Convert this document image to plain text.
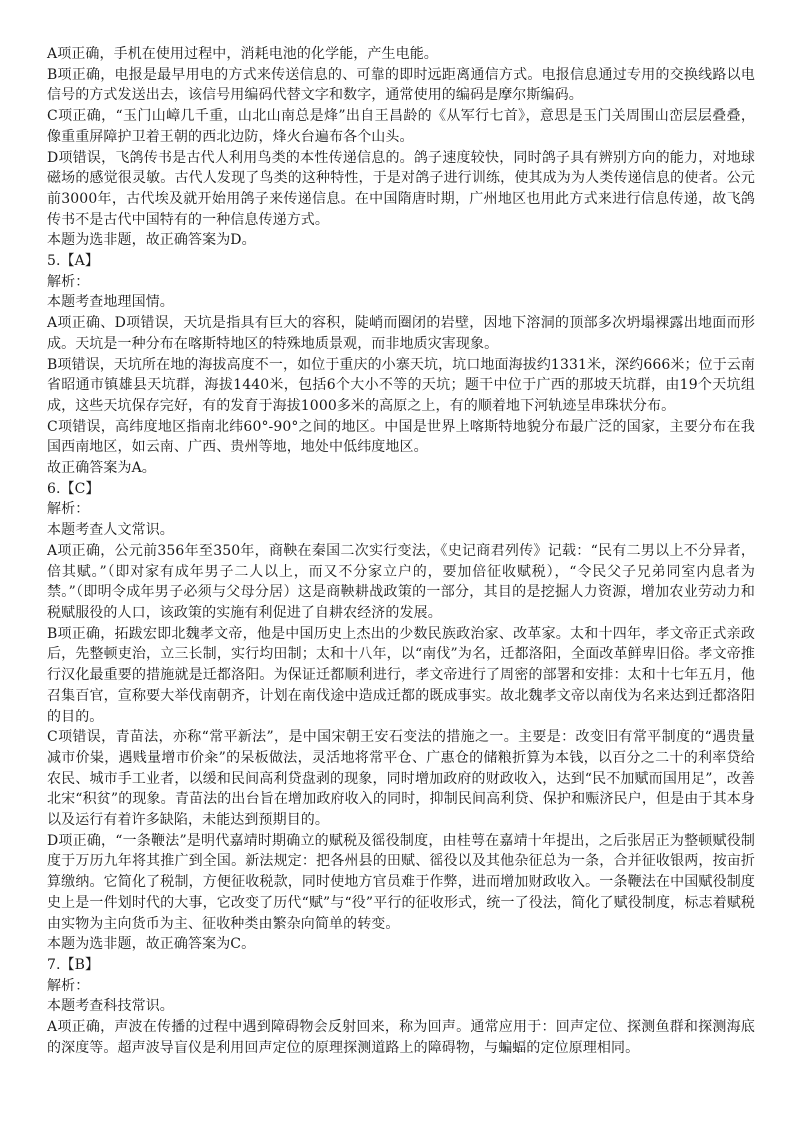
A项正确，手机在使用过程中，消耗电池的化学能，产生电能。

B项正确，电报是最早用电的方式来传送信息的、可靠的即时远距离通信方式。电报信息通过专用的交换线路以电信号的方式发送出去，该信号用编码代替文字和数字，通常使用的编码是摩尔斯编码。

C项正确，“玉门山嶂几千重，山北山南总是烽”出自王昌龄的《从军行七首》，意思是玉门关周围山峦层层叠叠，像重重屏障护卫着王朝的西北边防，烽火台遍布各个山头。

D项错误，飞鸽传书是古代人利用鸟类的本性传递信息的。鸽子速度较快，同时鸽子具有辨别方向的能力，对地球磁场的感觉很灵敏。古代人发现了鸟类的这种特性，于是对鸽子进行训练，使其成为为人类传递信息的使者。公元前3000年，古代埃及就开始用鸽子来传递信息。在中国隋唐时期，广州地区也用此方式来进行信息传递，故飞鸽传书不是古代中国特有的一种信息传递方式。

本题为选非题，故正确答案为D。

5.【A】

解析：

本题考查地理国情。

A项正确、D项错误，天坑是指具有巨大的容积，陡峭而圈闭的岩壁，因地下溶洞的顶部多次坍塌裸露出地面而形成。天坑是一种分布在喀斯特地区的特殊地质景观，而非地质灾害现象。

B项错误，天坑所在地的海拔高度不一，如位于重庆的小寨天坑，坑口地面海拔约1331米，深约666米；位于云南省昭通市镇雄县天坑群，海拔1440米，包括6个大小不等的天坑；题干中位于广西的那坡天坑群，由19个天坑组成，这些天坑保存完好，有的发育于海拔1000多米的高原之上，有的顺着地下河轨迹呈串珠状分布。

C项错误，高纬度地区指南北纬60°-90°之间的地区。中国是世界上喀斯特地貌分布最广泛的国家，主要分布在我国西南地区，如云南、广西、贵州等地，地处中低纬度地区。

故正确答案为A。

6.【C】

解析：

本题考查人文常识。

A项正确，公元前356年至350年，商鞅在秦国二次实行变法，《史记商君列传》记载：“民有二男以上不分异者，倍其赋。”（即对家有成年男子二人以上，而又不分家立户的，要加倍征收赋税），“令民父子兄弟同室内息者为禁。”（即明令成年男子必须与父母分居）这是商鞅耕战政策的一部分，其目的是挖掘人力资源，增加农业劳动力和税赋服役的人口，该政策的实施有利促进了自耕农经济的发展。

B项正确，拓跋宏即北魏孝文帝，他是中国历史上杰出的少数民族政治家、改革家。太和十四年，孝文帝正式亲政后，先整顿吏治，立三长制，实行均田制；太和十八年，以“南伐”为名，迁都洛阳，全面改革鲜卑旧俗。孝文帝推行汉化最重要的措施就是迁都洛阳。为保证迁都顺利进行，孝文帝进行了周密的部署和安排：太和十七年五月，他召集百官，宣称要大举伐南朝齐，计划在南伐途中造成迁都的既成事实。故北魏孝文帝以南伐为名来达到迁都洛阳的目的。

C项错误，青苗法，亦称“常平新法”，是中国宋朝王安石变法的措施之一。主要是：改变旧有常平制度的“遇贵量减市价粜，遇贱量增市价籴”的呆板做法，灵活地将常平仓、广惠仓的储粮折算为本钱，以百分之二十的利率贷给农民、城市手工业者，以缓和民间高利贷盘剥的现象，同时增加政府的财政收入，达到“民不加赋而国用足”，改善北宋“积贫”的现象。青苗法的出台旨在增加政府收入的同时，抑制民间高利贷、保护和赈济民户，但是由于其本身以及运行有着许多缺陷，未能达到预期目的。

D项正确，“一条鞭法”是明代嘉靖时期确立的赋税及徭役制度，由桂萼在嘉靖十年提出，之后张居正为整顿赋役制度于万历九年将其推广到全国。新法规定：把各州县的田赋、徭役以及其他杂征总为一条，合并征收银两，按亩折算缴纳。它简化了税制，方便征收税款，同时使地方官员难于作弊，进而增加财政收入。一条鞭法在中国赋役制度史上是一件划时代的大事，它改变了历代“赋”与“役”平行的征收形式，统一了役法，简化了赋役制度，标志着赋税由实物为主向货币为主、征收种类由繁杂向简单的转变。

本题为选非题，故正确答案为C。

7.【B】

解析：

本题考查科技常识。

A项正确，声波在传播的过程中遇到障碍物会反射回来，称为回声。通常应用于：回声定位、探测鱼群和探测海底的深度等。超声波导盲仪是利用回声定位的原理探测道路上的障碍物，与蝙蝠的定位原理相同。
